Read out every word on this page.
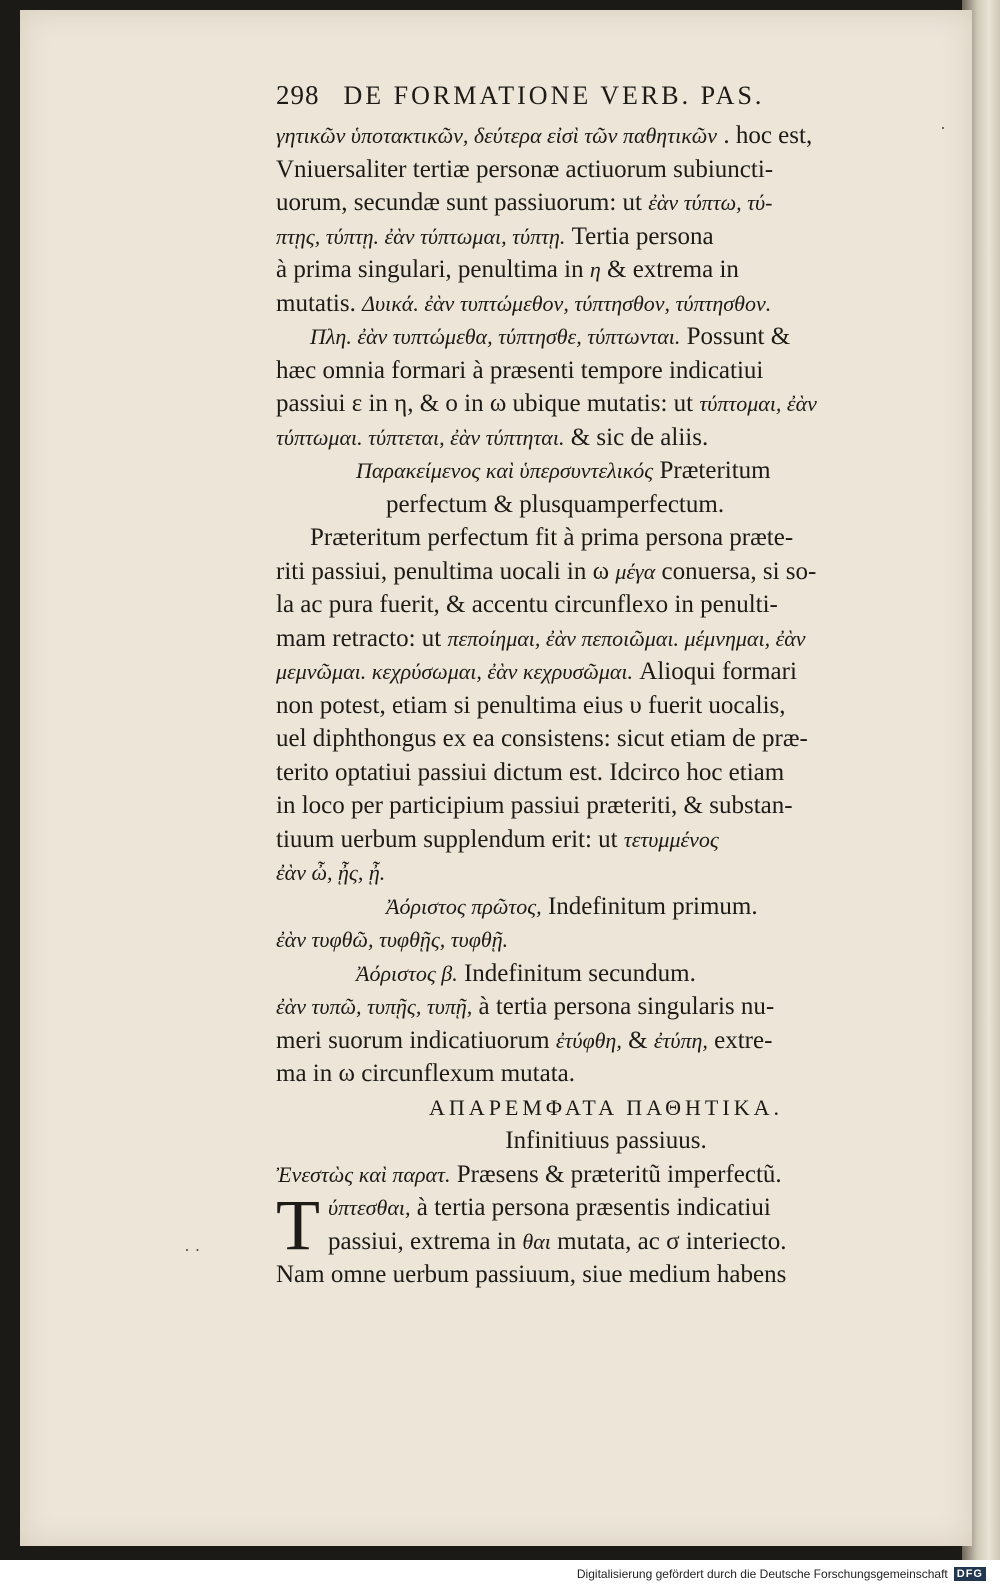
·
· ·
298 DE FORMATIONE VERB. PAS.
γητικῶν ὑποτακτικῶν, δεύτερα εἰσὶ τῶν παθητικῶν . hoc est,
Vniuersaliter tertiæ personæ actiuorum subiuncti-
uorum, secundæ sunt passiuorum: ut ἐὰν τύπτω, τύ-
πτῃς, τύπτῃ. ἐὰν τύπτωμαι, τύπτῃ. Tertia persona
à prima singulari, penultima in η & extrema in
mutatis. Δυικά. ἐὰν τυπτώμεθον, τύπτησθον, τύπτησθον.
Πλη. ἐὰν τυπτώμεθα, τύπτησθε, τύπτωνται. Possunt &
hæc omnia formari à præsenti tempore indicatiui
passiui ε in η, & ο in ω ubique mutatis: ut τύπτομαι, ἐὰν
τύπτωμαι. τύπτεται, ἐὰν τύπτηται. & sic de aliis.
Παρακείμενος καὶ ὑπερσυντελικός Præteritum
perfectum & plusquamperfectum.
Præteritum perfectum fit à prima persona præte-
riti passiui, penultima uocali in ω μέγα conuersa, si so-
la ac pura fuerit, & accentu circunflexo in penulti-
mam retracto: ut πεποίημαι, ἐὰν πεποιῶμαι. μέμνημαι, ἐὰν
μεμνῶμαι. κεχρύσωμαι, ἐὰν κεχρυσῶμαι. Alioqui formari
non potest, etiam si penultima eius υ fuerit uocalis,
uel diphthongus ex ea consistens: sicut etiam de præ-
terito optatiui passiui dictum est. Idcirco hoc etiam
in loco per participium passiui præteriti, & substan-
tiuum uerbum supplendum erit: ut τετυμμένος
ἐὰν ὦ, ᾖς, ᾖ.
Ἀόριστος πρῶτος, Indefinitum primum.
ἐὰν τυφθῶ, τυφθῇς, τυφθῇ.
Ἀόριστος β. Indefinitum secundum.
ἐὰν τυπῶ, τυπῇς, τυπῇ, à tertia persona singularis nu-
meri suorum indicatiuorum ἐτύφθη, & ἐτύπη, extre-
ma in ω circunflexum mutata.
ΑΠΑΡΕΜΦΑΤΑ ΠΑΘΗΤΙΚΑ.
Infinitiuus passiuus.
Ἐνεστὼς καὶ παρατ. Præsens & præteritũ imperfectũ.
T ύπτεσθαι, à tertia persona præsentis indicatiui
passiui, extrema in θαι mutata, ac σ interiecto.
Nam omne uerbum passiuum, siue medium habens
Digitalisierung gefördert durch die Deutsche Forschungsgemeinschaft DFG
